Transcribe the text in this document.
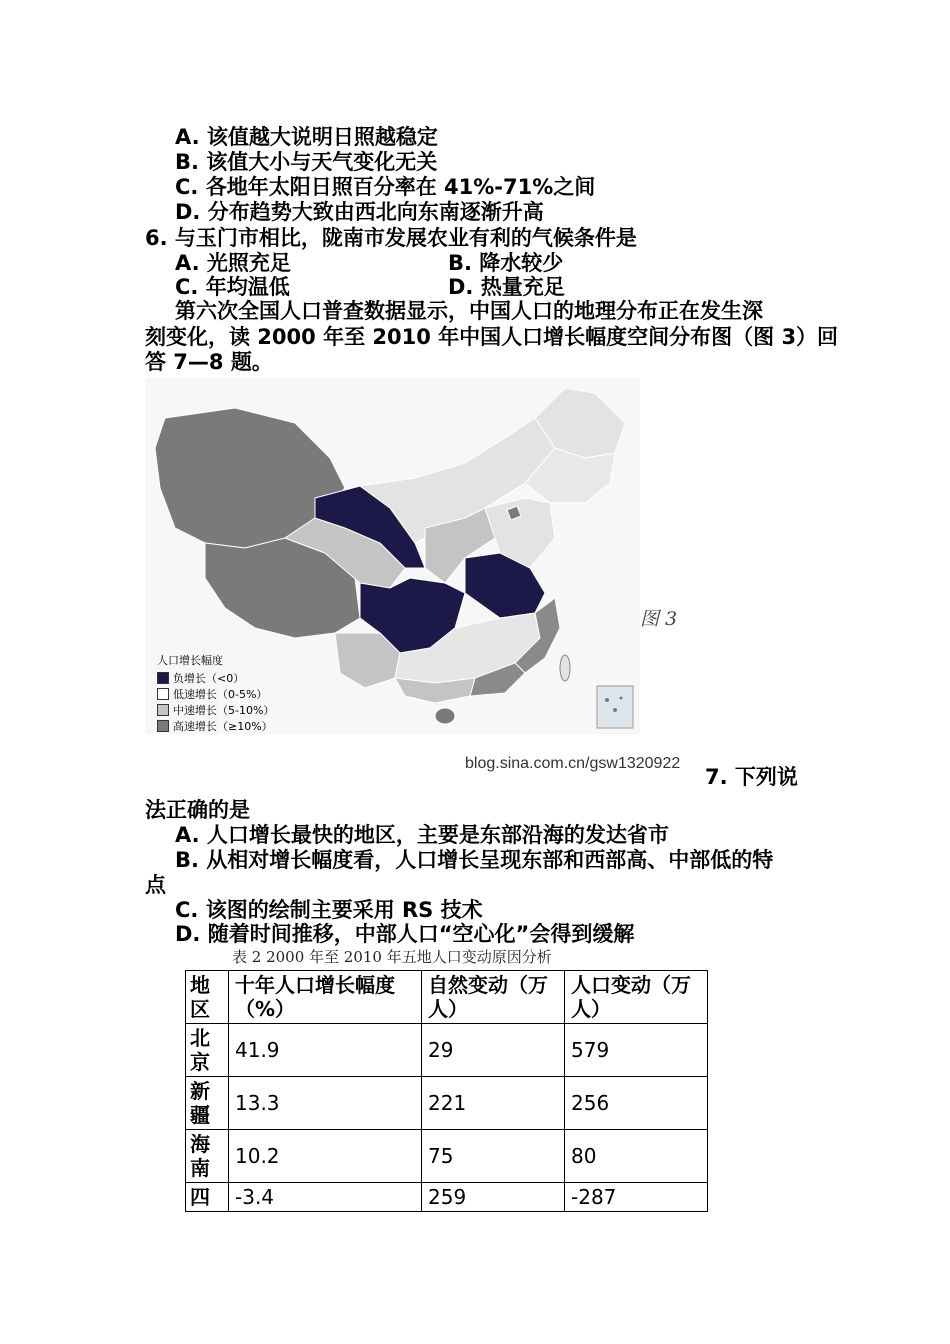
A. 该值越大说明日照越稳定
B. 该值大小与天气变化无关
C. 各地年太阳日照百分率在 41%-71%之间
D. 分布趋势大致由西北向东南逐渐升高
6. 与玉门市相比，陇南市发展农业有利的气候条件是
A. 光照充足	B. 降水较少
C. 年均温低	D. 热量充足
第六次全国人口普查数据显示，中国人口的地理分布正在发生深
刻变化，读 2000 年至 2010 年中国人口增长幅度空间分布图（图 3）回
答 7—8 题。
人口增长幅度
负增长（<0）
低速增长（0-5%）
中速增长（5-10%）
高速增长（≥10%）
图 3
blog.sina.com.cn/gsw1320922
7. 下列说
法正确的是
A. 人口增长最快的地区，主要是东部沿海的发达省市
B. 从相对增长幅度看，人口增长呈现东部和西部高、中部低的特
点
C. 该图的绘制主要采用 RS 技术
D. 随着时间推移，中部人口“空心化”会得到缓解
表 2 2000 年至 2010 年五地人口变动原因分析
地区	十年人口增长幅度（%）	自然变动（万人）	人口变动（万人）
北京	41.9	29	579
新疆	13.3	221	256
海南	10.2	75	80
四	-3.4	259	-287
